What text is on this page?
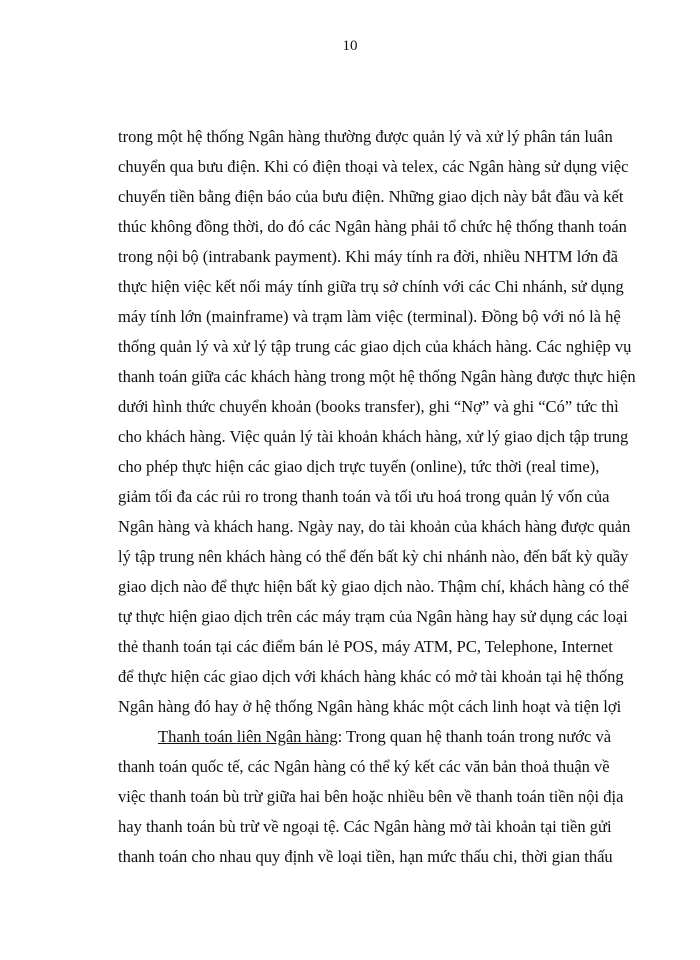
10
trong một hệ thống Ngân hàng thường được quản lý và xử lý phân tán luân
chuyển qua bưu điện. Khi có điện thoại và telex, các Ngân hàng sử dụng việc
chuyển tiền bằng điện báo của bưu điện. Những giao dịch này bắt đầu và kết
thúc không đồng thời, do đó các Ngân hàng phải tổ chức hệ thống thanh toán
trong nội bộ (intrabank payment). Khi máy tính ra đời, nhiều NHTM lớn đã
thực hiện việc kết nối máy tính giữa trụ sở chính với các Chi nhánh, sử dụng
máy tính lớn (mainframe) và trạm làm việc (terminal). Đồng bộ với nó là hệ
thống quản lý và xử lý tập trung các giao dịch của khách hàng. Các nghiệp vụ
thanh toán giữa các khách hàng trong một hệ thống Ngân hàng được thực hiện
dưới hình thức chuyển khoản (books transfer), ghi “Nợ” và ghi “Có” tức thì
cho khách hàng. Việc quản lý tài khoản khách hàng, xử lý giao dịch tập trung
cho phép thực hiện các giao dịch trực tuyến (online), tức thời (real time),
giảm tối đa các rủi ro trong thanh toán và tối ưu hoá trong quản lý vốn của
Ngân hàng và khách hang. Ngày nay, do tài khoản của khách hàng được quản
lý tập trung nên khách hàng có thể đến bất kỳ chi nhánh nào, đến bất kỳ quầy
giao dịch nào để thực hiện bất kỳ giao dịch nào. Thậm chí, khách hàng có thể
tự thực hiện giao dịch trên các máy trạm của Ngân hàng hay sử dụng các loại
thẻ thanh toán tại các điểm bán lẻ POS, máy ATM, PC, Telephone, Internet
để thực hiện các giao dịch với khách hàng khác có mở tài khoản tại hệ thống
Ngân hàng đó hay ở hệ thống Ngân hàng khác một cách linh hoạt và tiện lợi
Thanh toán liên Ngân hàng: Trong quan hệ thanh toán trong nước và
thanh toán quốc tế, các Ngân hàng có thể ký kết các văn bản thoả thuận về
việc thanh toán bù trừ giữa hai bên hoặc nhiều bên về thanh toán tiền nội địa
hay thanh toán bù trừ về ngoại tệ. Các Ngân hàng mở tài khoản tại tiền gửi
thanh toán cho nhau quy định về loại tiền, hạn mức thấu chi, thời gian thấu
